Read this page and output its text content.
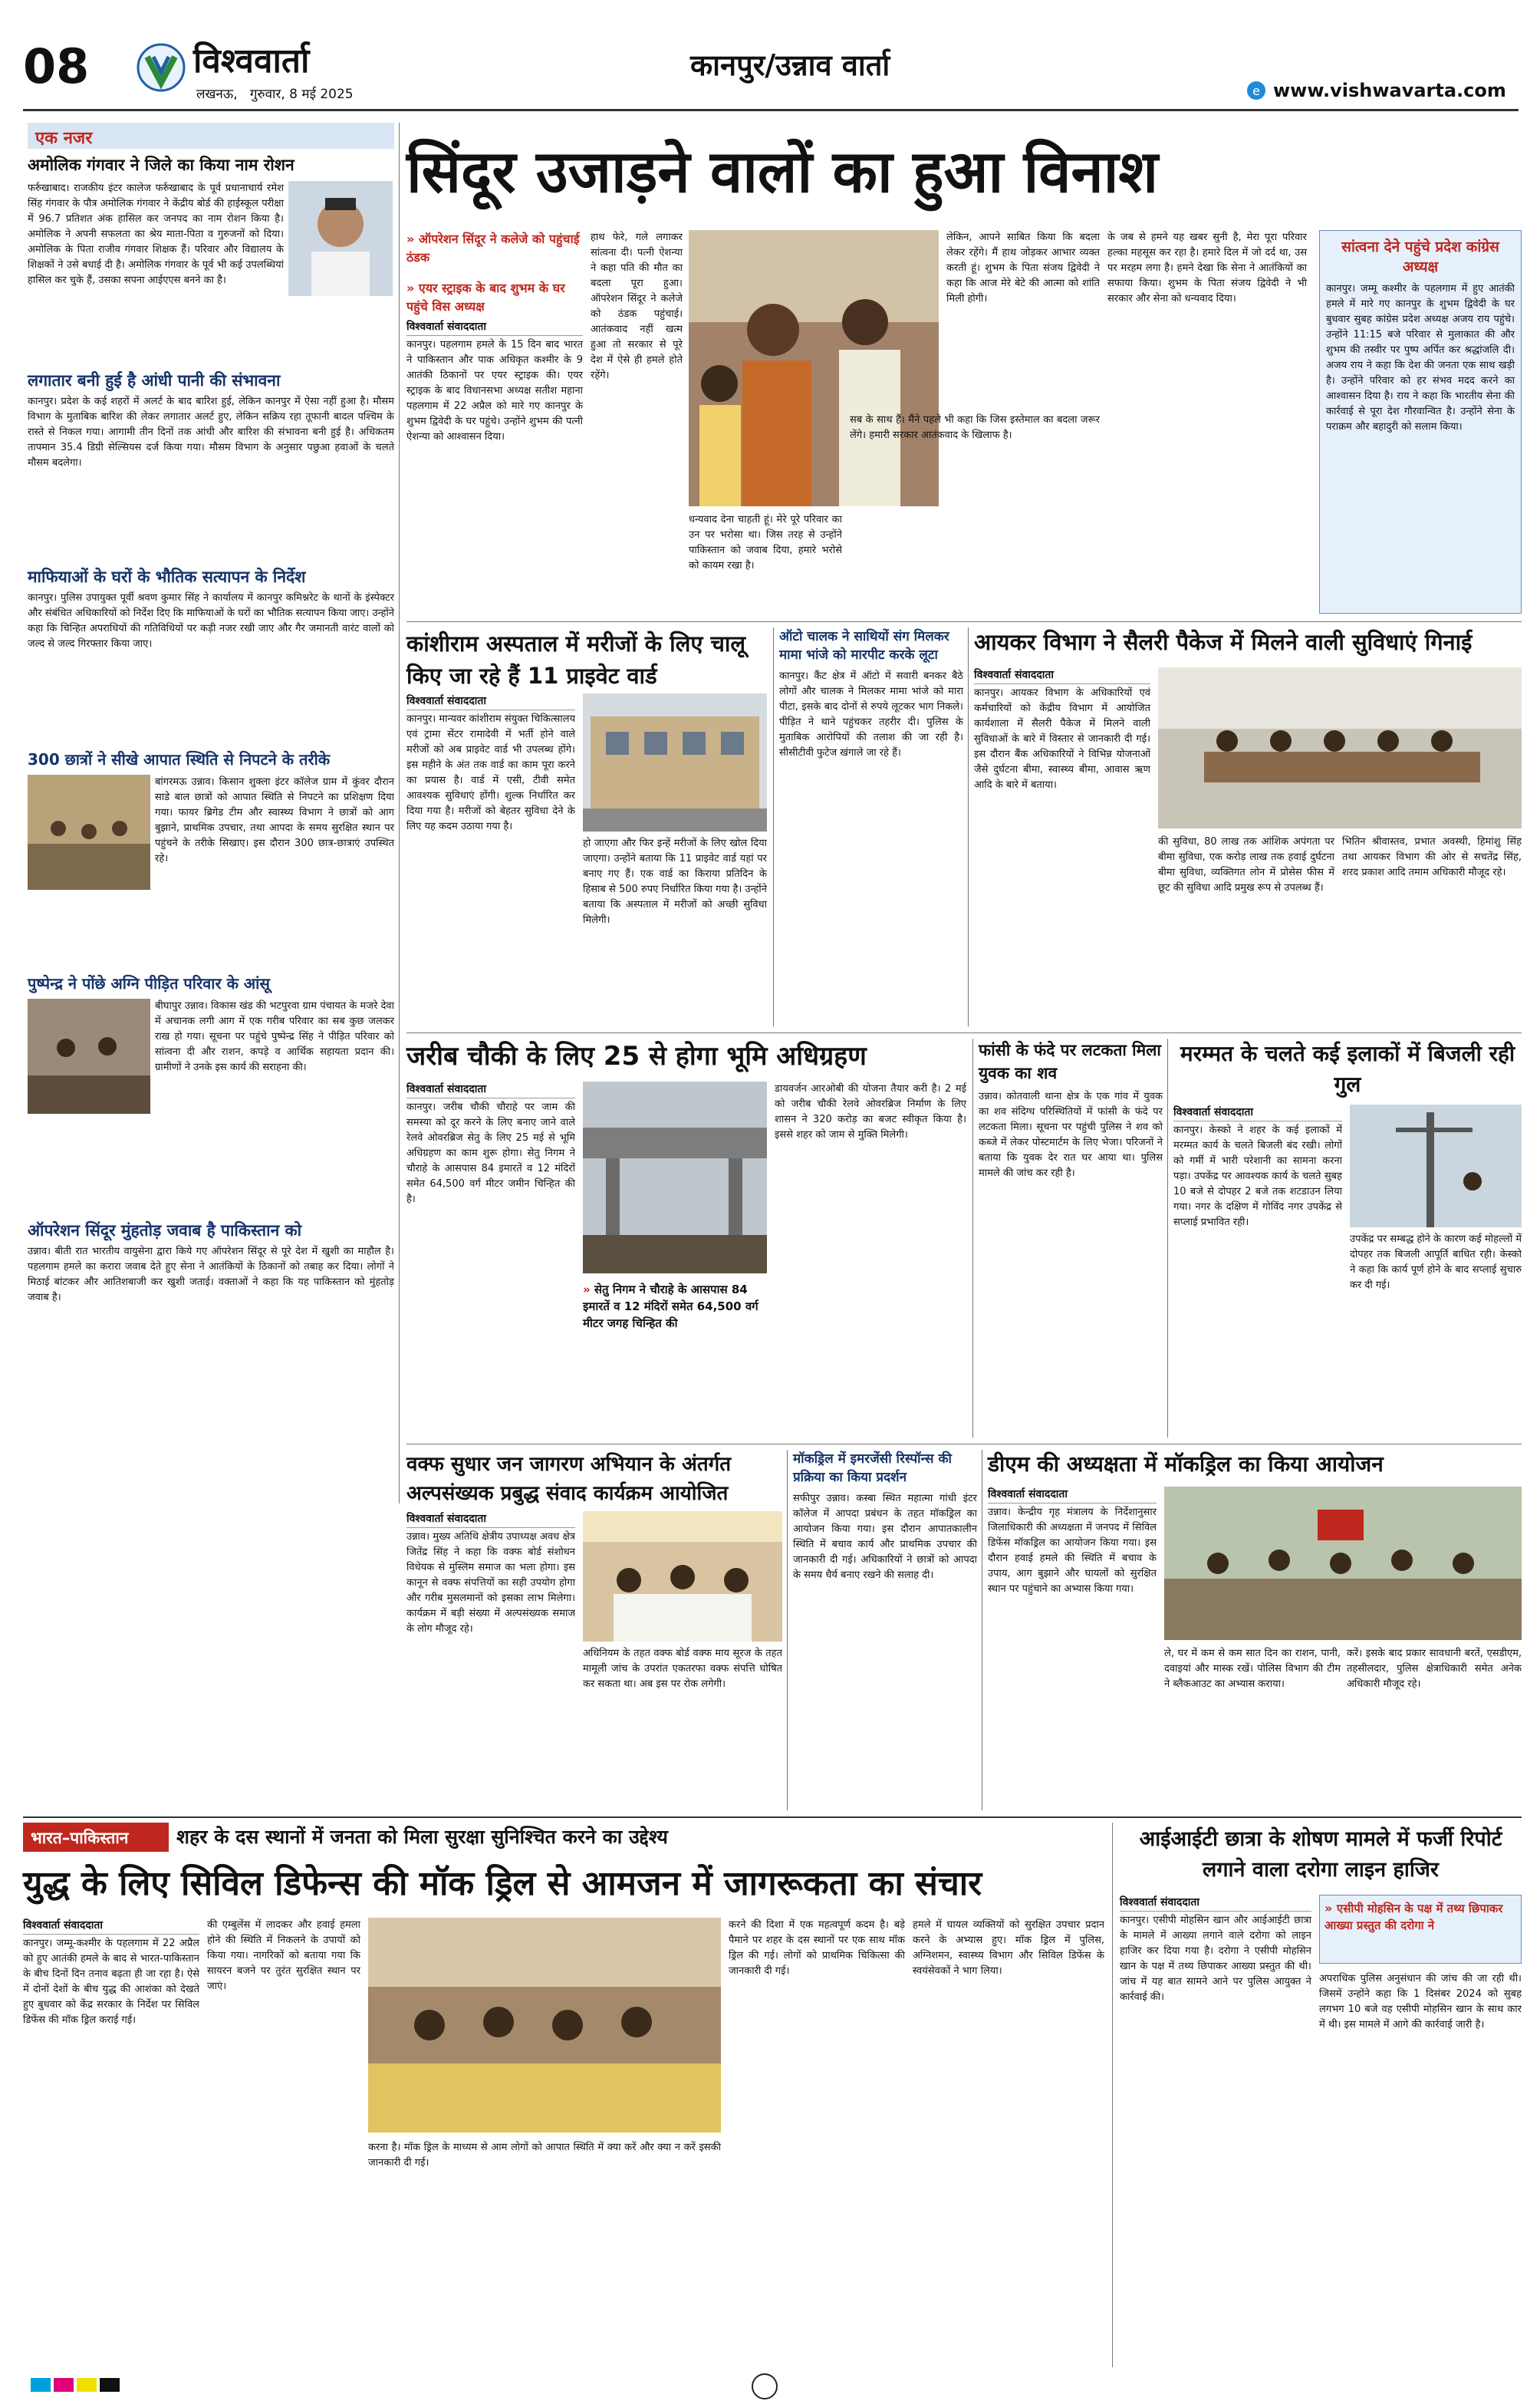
08	विश्ववार्ता
लखनऊ,   गुरुवार, 8 मई 2025
कानपुर/उन्नाव वार्ता
e www.vishwavarta.com
एक नजर
अमोलिक गंगवार ने जिले का किया नाम रोशन
फर्रुखाबाद। राजकीय इंटर कालेज फर्रुखाबाद के पूर्व प्रधानाचार्य रमेश सिंह गंगवार के पौत्र अमोलिक गंगवार ने केंद्रीय बोर्ड की हाईस्कूल परीक्षा में 96.7 प्रतिशत अंक हासिल कर जनपद का नाम रोशन किया है। अमोलिक ने अपनी सफलता का श्रेय माता-पिता व गुरुजनों को दिया। अमोलिक के पिता राजीव गंगवार शिक्षक हैं। परिवार और विद्यालय के शिक्षकों ने उसे बधाई दी है। अमोलिक गंगवार के पूर्व भी कई उपलब्धियां हासिल कर चुके हैं, उसका सपना आईएएस बनने का है।
लगातार बनी हुई है आंधी पानी की संभावना
कानपुर। प्रदेश के कई शहरों में अलर्ट के बाद बारिश हुई, लेकिन कानपुर में ऐसा नहीं हुआ है। मौसम विभाग के मुताबिक बारिश की लेकर लगातार अलर्ट हुए, लेकिन सक्रिय रहा तूफानी बादल पश्चिम के रास्ते से निकल गया। आगामी तीन दिनों तक आंधी और बारिश की संभावना बनी हुई है। अधिकतम तापमान 35.4 डिग्री सेल्सियस दर्ज किया गया। मौसम विभाग के अनुसार पछुआ हवाओं के चलते मौसम बदलेगा।
माफियाओं के घरों के भौतिक सत्यापन के निर्देश
कानपुर। पुलिस उपायुक्त पूर्वी श्रवण कुमार सिंह ने कार्यालय में कानपुर कमिश्नरेट के थानों के इंस्पेक्टर और संबंधित अधिकारियों को निर्देश दिए कि माफियाओं के घरों का भौतिक सत्यापन किया जाए। उन्होंने कहा कि चिन्हित अपराधियों की गतिविधियों पर कड़ी नजर रखी जाए और गैर जमानती वारंट वालों को जल्द से जल्द गिरफ्तार किया जाए।
300 छात्रों ने सीखे आपात स्थिति से निपटने के तरीके
बांगरमऊ उन्नाव। किसान शुक्ला इंटर कॉलेज ग्राम में कुंवर दौरान साडे बाल छात्रों को आपात स्थिति से निपटने का प्रशिक्षण दिया गया। फायर ब्रिगेड टीम और स्वास्थ्य विभाग ने छात्रों को आग बुझाने, प्राथमिक उपचार, तथा आपदा के समय सुरक्षित स्थान पर पहुंचने के तरीके सिखाए। इस दौरान 300 छात्र-छात्राएं उपस्थित रहे।
पुष्पेन्द्र ने पोंछे अग्नि पीड़ित परिवार के आंसू
बीघापुर उन्नाव। विकास खंड की भटपुरवा ग्राम पंचायत के मजरे देवा में अचानक लगी आग में एक गरीब परिवार का सब कुछ जलकर राख हो गया। सूचना पर पहुंचे पुष्पेन्द्र सिंह ने पीड़ित परिवार को सांत्वना दी और राशन, कपड़े व आर्थिक सहायता प्रदान की। ग्रामीणों ने उनके इस कार्य की सराहना की।
ऑपरेशन सिंदूर मुंहतोड़ जवाब है पाकिस्तान को
उन्नाव। बीती रात भारतीय वायुसेना द्वारा किये गए ऑपरेशन सिंदूर से पूरे देश में खुशी का माहौल है। पहलगाम हमले का करारा जवाब देते हुए सेना ने आतंकियों के ठिकानों को तबाह कर दिया। लोगों ने मिठाई बांटकर और आतिशबाजी कर खुशी जताई। वक्ताओं ने कहा कि यह पाकिस्तान को मुंहतोड़ जवाब है।
सिंदूर उजाड़ने वालों का हुआ विनाश
» ऑपरेशन सिंदूर ने कलेजे को पहुंचाई ठंडक
» एयर स्ट्राइक के बाद शुभम के घर पहुंचे विस अध्यक्ष
विश्ववार्ता संवाददाता
कानपुर। पहलगाम हमले के 15 दिन बाद भारत ने पाकिस्तान और पाक अधिकृत कश्मीर के 9 आतंकी ठिकानों पर एयर स्ट्राइक की। एयर स्ट्राइक के बाद विधानसभा अध्यक्ष सतीश महाना पहलगाम में 22 अप्रैल को मारे गए कानपुर के शुभम द्विवेदी के घर पहुंचे। उन्होंने शुभम की पत्नी ऐशन्या को आश्वासन दिया।
हाथ फेरे, गले लगाकर सांत्वना दी। पत्नी ऐशन्या ने कहा पति की मौत का बदला पूरा हुआ। ऑपरेशन सिंदूर ने कलेजे को ठंडक पहुंचाई। आतंकवाद नहीं खत्म हुआ तो सरकार से पूरे देश में ऐसे ही हमले होते रहेंगे।
लेकिन, आपने साबित किया कि बदला लेकर रहेंगे। मैं हाथ जोड़कर आभार व्यक्त करती हूं। शुभम के पिता संजय द्विवेदी ने कहा कि आज मेरे बेटे की आत्मा को शांति मिली होगी।
धन्यवाद देना चाहती हूं। मेरे पूरे परिवार का उन पर भरोसा था। जिस तरह से उन्होंने पाकिस्तान को जवाब दिया, हमारे भरोसे को कायम रखा है।
सब के साथ हैं। मैंने पहले भी कहा कि जिस इस्तेमाल का बदला जरूर लेंगे। हमारी सरकार आतंकवाद के खिलाफ है।
के जब से हमने यह खबर सुनी है, मेरा पूरा परिवार हल्का महसूस कर रहा है। हमारे दिल में जो दर्द था, उस पर मरहम लगा है। हमने देखा कि सेना ने आतंकियों का सफाया किया। शुभम के पिता संजय द्विवेदी ने भी सरकार और सेना को धन्यवाद दिया।
सांत्वना देने पहुंचे प्रदेश कांग्रेस अध्यक्ष
कानपुर। जम्मू कश्मीर के पहलगाम में हुए आतंकी हमले में मारे गए कानपुर के शुभम द्विवेदी के घर बुधवार सुबह कांग्रेस प्रदेश अध्यक्ष अजय राय पहुंचे। उन्होंने 11:15 बजे परिवार से मुलाकात की और शुभम की तस्वीर पर पुष्प अर्पित कर श्रद्धांजलि दी। अजय राय ने कहा कि देश की जनता एक साथ खड़ी है। उन्होंने परिवार को हर संभव मदद करने का आश्वासन दिया है। राय ने कहा कि भारतीय सेना की कार्रवाई से पूरा देश गौरवान्वित है। उन्होंने सेना के पराक्रम और बहादुरी को सलाम किया।
कांशीराम अस्पताल में मरीजों के लिए चालू किए जा रहे हैं 11 प्राइवेट वार्ड
विश्ववार्ता संवाददाता
कानपुर। मान्यवर कांशीराम संयुक्त चिकित्सालय एवं ट्रामा सेंटर रामादेवी में भर्ती होने वाले मरीजों को अब प्राइवेट वार्ड भी उपलब्ध होंगे। इस महीने के अंत तक वार्ड का काम पूरा करने का प्रयास है। वार्ड में एसी, टीवी समेत आवश्यक सुविधाएं होंगी। शुल्क निर्धारित कर दिया गया है। मरीजों को बेहतर सुविधा देने के लिए यह कदम उठाया गया है।
हो जाएगा और फिर इन्हें मरीजों के लिए खोल दिया जाएगा। उन्होंने बताया कि 11 प्राइवेट वार्ड यहां पर बनाए गए हैं। एक वार्ड का किराया प्रतिदिन के हिसाब से 500 रुपए निर्धारित किया गया है। उन्होंने बताया कि अस्पताल में मरीजों को अच्छी सुविधा मिलेगी।
ऑटो चालक ने साथियों संग मिलकर मामा भांजे को मारपीट करके लूटा
कानपुर। कैंट क्षेत्र में ऑटो में सवारी बनकर बैठे लोगों और चालक ने मिलकर मामा भांजे को मारा पीटा, इसके बाद दोनों से रुपये लूटकर भाग निकले। पीड़ित ने थाने पहुंचकर तहरीर दी। पुलिस के मुताबिक आरोपियों की तलाश की जा रही है। सीसीटीवी फुटेज खंगाले जा रहे हैं।
आयकर विभाग ने सैलरी पैकेज में मिलने वाली सुविधाएं गिनाई
विश्ववार्ता संवाददाता
कानपुर। आयकर विभाग के अधिकारियों एवं कर्मचारियों को केंद्रीय विभाग में आयोजित कार्यशाला में सैलरी पैकेज में मिलने वाली सुविधाओं के बारे में विस्तार से जानकारी दी गई। इस दौरान बैंक अधिकारियों ने विभिन्न योजनाओं जैसे दुर्घटना बीमा, स्वास्थ्य बीमा, आवास ऋण आदि के बारे में बताया।
की सुविधा, 80 लाख तक आंशिक अपंगता पर बीमा सुविधा, एक करोड़ लाख तक हवाई दुर्घटना बीमा सुविधा, व्यक्तिगत लोन में प्रोसेस फीस में छूट की सुविधा आदि प्रमुख रूप से उपलब्ध हैं।
भितिन श्रीवास्तव, प्रभात अवस्थी, हिमांशु सिंह तथा आयकर विभाग की ओर से सचतेंद्र सिंह, शरद प्रकाश आदि तमाम अधिकारी मौजूद रहे।
जरीब चौकी के लिए 25 से होगा भूमि अधिग्रहण
विश्ववार्ता संवाददाता
कानपुर। जरीब चौकी चौराहे पर जाम की समस्या को दूर करने के लिए बनाए जाने वाले रेलवे ओवरब्रिज सेतु के लिए 25 मई से भूमि अधिग्रहण का काम शुरू होगा। सेतु निगम ने चौराहे के आसपास 84 इमारतें व 12 मंदिरों समेत 64,500 वर्ग मीटर जमीन चिन्हित की है।
» सेतु निगम ने चौराहे के आसपास 84 इमारतें व 12 मंदिरों समेत 64,500 वर्ग मीटर जगह चिन्हित की
डायवर्जन आरओबी की योजना तैयार करी है। 2 मई को जरीब चौकी रेलवे ओवरब्रिज निर्माण के लिए शासन ने 320 करोड़ का बजट स्वीकृत किया है। इससे शहर को जाम से मुक्ति मिलेगी।
फांसी के फंदे पर लटकता मिला युवक का शव
उन्नाव। कोतवाली थाना क्षेत्र के एक गांव में युवक का शव संदिग्ध परिस्थितियों में फांसी के फंदे पर लटकता मिला। सूचना पर पहुंची पुलिस ने शव को कब्जे में लेकर पोस्टमार्टम के लिए भेजा। परिजनों ने बताया कि युवक देर रात घर आया था। पुलिस मामले की जांच कर रही है।
मरम्मत के चलते कई इलाकों में बिजली रही गुल
विश्ववार्ता संवाददाता
कानपुर। केस्को ने शहर के कई इलाकों में मरम्मत कार्य के चलते बिजली बंद रखी। लोगों को गर्मी में भारी परेशानी का सामना करना पड़ा। उपकेंद्र पर आवश्यक कार्य के चलते सुबह 10 बजे से दोपहर 2 बजे तक शटडाउन लिया गया। नगर के दक्षिण में गोविंद नगर उपकेंद्र से सप्लाई प्रभावित रही।
उपकेंद्र पर सम्बद्ध होने के कारण कई मोहल्लों में दोपहर तक बिजली आपूर्ति बाधित रही। केस्को ने कहा कि कार्य पूर्ण होने के बाद सप्लाई सुचारु कर दी गई।
वक्फ सुधार जन जागरण अभियान के अंतर्गत अल्पसंख्यक प्रबुद्ध संवाद कार्यक्रम आयोजित
विश्ववार्ता संवाददाता
उन्नाव। मुख्य अतिथि क्षेत्रीय उपाध्यक्ष अवध क्षेत्र जितेंद्र सिंह ने कहा कि वक्फ बोर्ड संशोधन विधेयक से मुस्लिम समाज का भला होगा। इस कानून से वक्फ संपत्तियों का सही उपयोग होगा और गरीब मुसलमानों को इसका लाभ मिलेगा। कार्यक्रम में बड़ी संख्या में अल्पसंख्यक समाज के लोग मौजूद रहे।
अधिनियम के तहत वक्फ बोर्ड वक्फ माय सूरज के तहत मामूली जांच के उपरांत एकतरफा वक्फ संपत्ति घोषित कर सकता था। अब इस पर रोक लगेगी।
मॉकड्रिल में इमरजेंसी रिस्पॉन्स की प्रक्रिया का किया प्रदर्शन
सफीपुर उन्नाव। कस्बा स्थित महात्मा गांधी इंटर कॉलेज में आपदा प्रबंधन के तहत मॉकड्रिल का आयोजन किया गया। इस दौरान आपातकालीन स्थिति में बचाव कार्य और प्राथमिक उपचार की जानकारी दी गई। अधिकारियों ने छात्रों को आपदा के समय धैर्य बनाए रखने की सलाह दी।
डीएम की अध्यक्षता में मॉकड्रिल का किया आयोजन
विश्ववार्ता संवाददाता
उन्नाव। केन्द्रीय गृह मंत्रालय के निर्देशानुसार जिलाधिकारी की अध्यक्षता में जनपद में सिविल डिफेंस मॉकड्रिल का आयोजन किया गया। इस दौरान हवाई हमले की स्थिति में बचाव के उपाय, आग बुझाने और घायलों को सुरक्षित स्थान पर पहुंचाने का अभ्यास किया गया।
ले, घर में कम से कम सात दिन का राशन, पानी, दवाइयां और मास्क रखें। पोलिस विभाग की टीम ने ब्लैकआउट का अभ्यास कराया।
करें। इसके बाद प्रकार सावधानी बरतें, एसडीएम, तहसीलदार, पुलिस क्षेत्राधिकारी समेत अनेक अधिकारी मौजूद रहे।
भारत–पाकिस्तान	शहर के दस स्थानों में जनता को मिला सुरक्षा सुनिश्चित करने का उद्देश्य
युद्ध के लिए सिविल डिफेन्स की मॉक ड्रिल से आमजन में जागरूकता का संचार
विश्ववार्ता संवाददाता
कानपुर। जम्मू-कश्मीर के पहलगाम में 22 अप्रैल को हुए आतंकी हमले के बाद से भारत-पाकिस्तान के बीच दिनों दिन तनाव बढ़ता ही जा रहा है। ऐसे में दोनों देशों के बीच युद्ध की आशंका को देखते हुए बुधवार को केंद्र सरकार के निर्देश पर सिविल डिफेंस की मॉक ड्रिल कराई गई।
की एम्बुलेंस में लादकर और हवाई हमला होने की स्थिति में निकलने के उपायों को किया गया। नागरिकों को बताया गया कि सायरन बजने पर तुरंत सुरक्षित स्थान पर जाएं।
करने की दिशा में एक महत्वपूर्ण कदम है। बड़े पैमाने पर शहर के दस स्थानों पर एक साथ मॉक ड्रिल की गई। लोगों को प्राथमिक चिकित्सा की जानकारी दी गई।
हमले में घायल व्यक्तियों को सुरक्षित उपचार प्रदान करने के अभ्यास हुए। मॉक ड्रिल में पुलिस, अग्निशमन, स्वास्थ्य विभाग और सिविल डिफेंस के स्वयंसेवकों ने भाग लिया।
करना है। मॉक ड्रिल के माध्यम से आम लोगों को आपात स्थिति में क्या करें और क्या न करें इसकी जानकारी दी गई।
आईआईटी छात्रा के शोषण मामले में फर्जी रिपोर्ट लगाने वाला दरोगा लाइन हाजिर
विश्ववार्ता संवाददाता
कानपुर। एसीपी मोहसिन खान और आईआईटी छात्रा के मामले में आख्या लगाने वाले दरोगा को लाइन हाजिर कर दिया गया है। दरोगा ने एसीपी मोहसिन खान के पक्ष में तथ्य छिपाकर आख्या प्रस्तुत की थी। जांच में यह बात सामने आने पर पुलिस आयुक्त ने कार्रवाई की।
» एसीपी मोहसिन के पक्ष में तथ्य छिपाकर आख्या प्रस्तुत की दरोगा ने
अपराधिक पुलिस अनुसंधान की जांच की जा रही थी। जिसमें उन्होंने कहा कि 1 दिसंबर 2024 को सुबह लगभग 10 बजे वह एसीपी मोहसिन खान के साथ कार में थी। इस मामले में आगे की कार्रवाई जारी है।
